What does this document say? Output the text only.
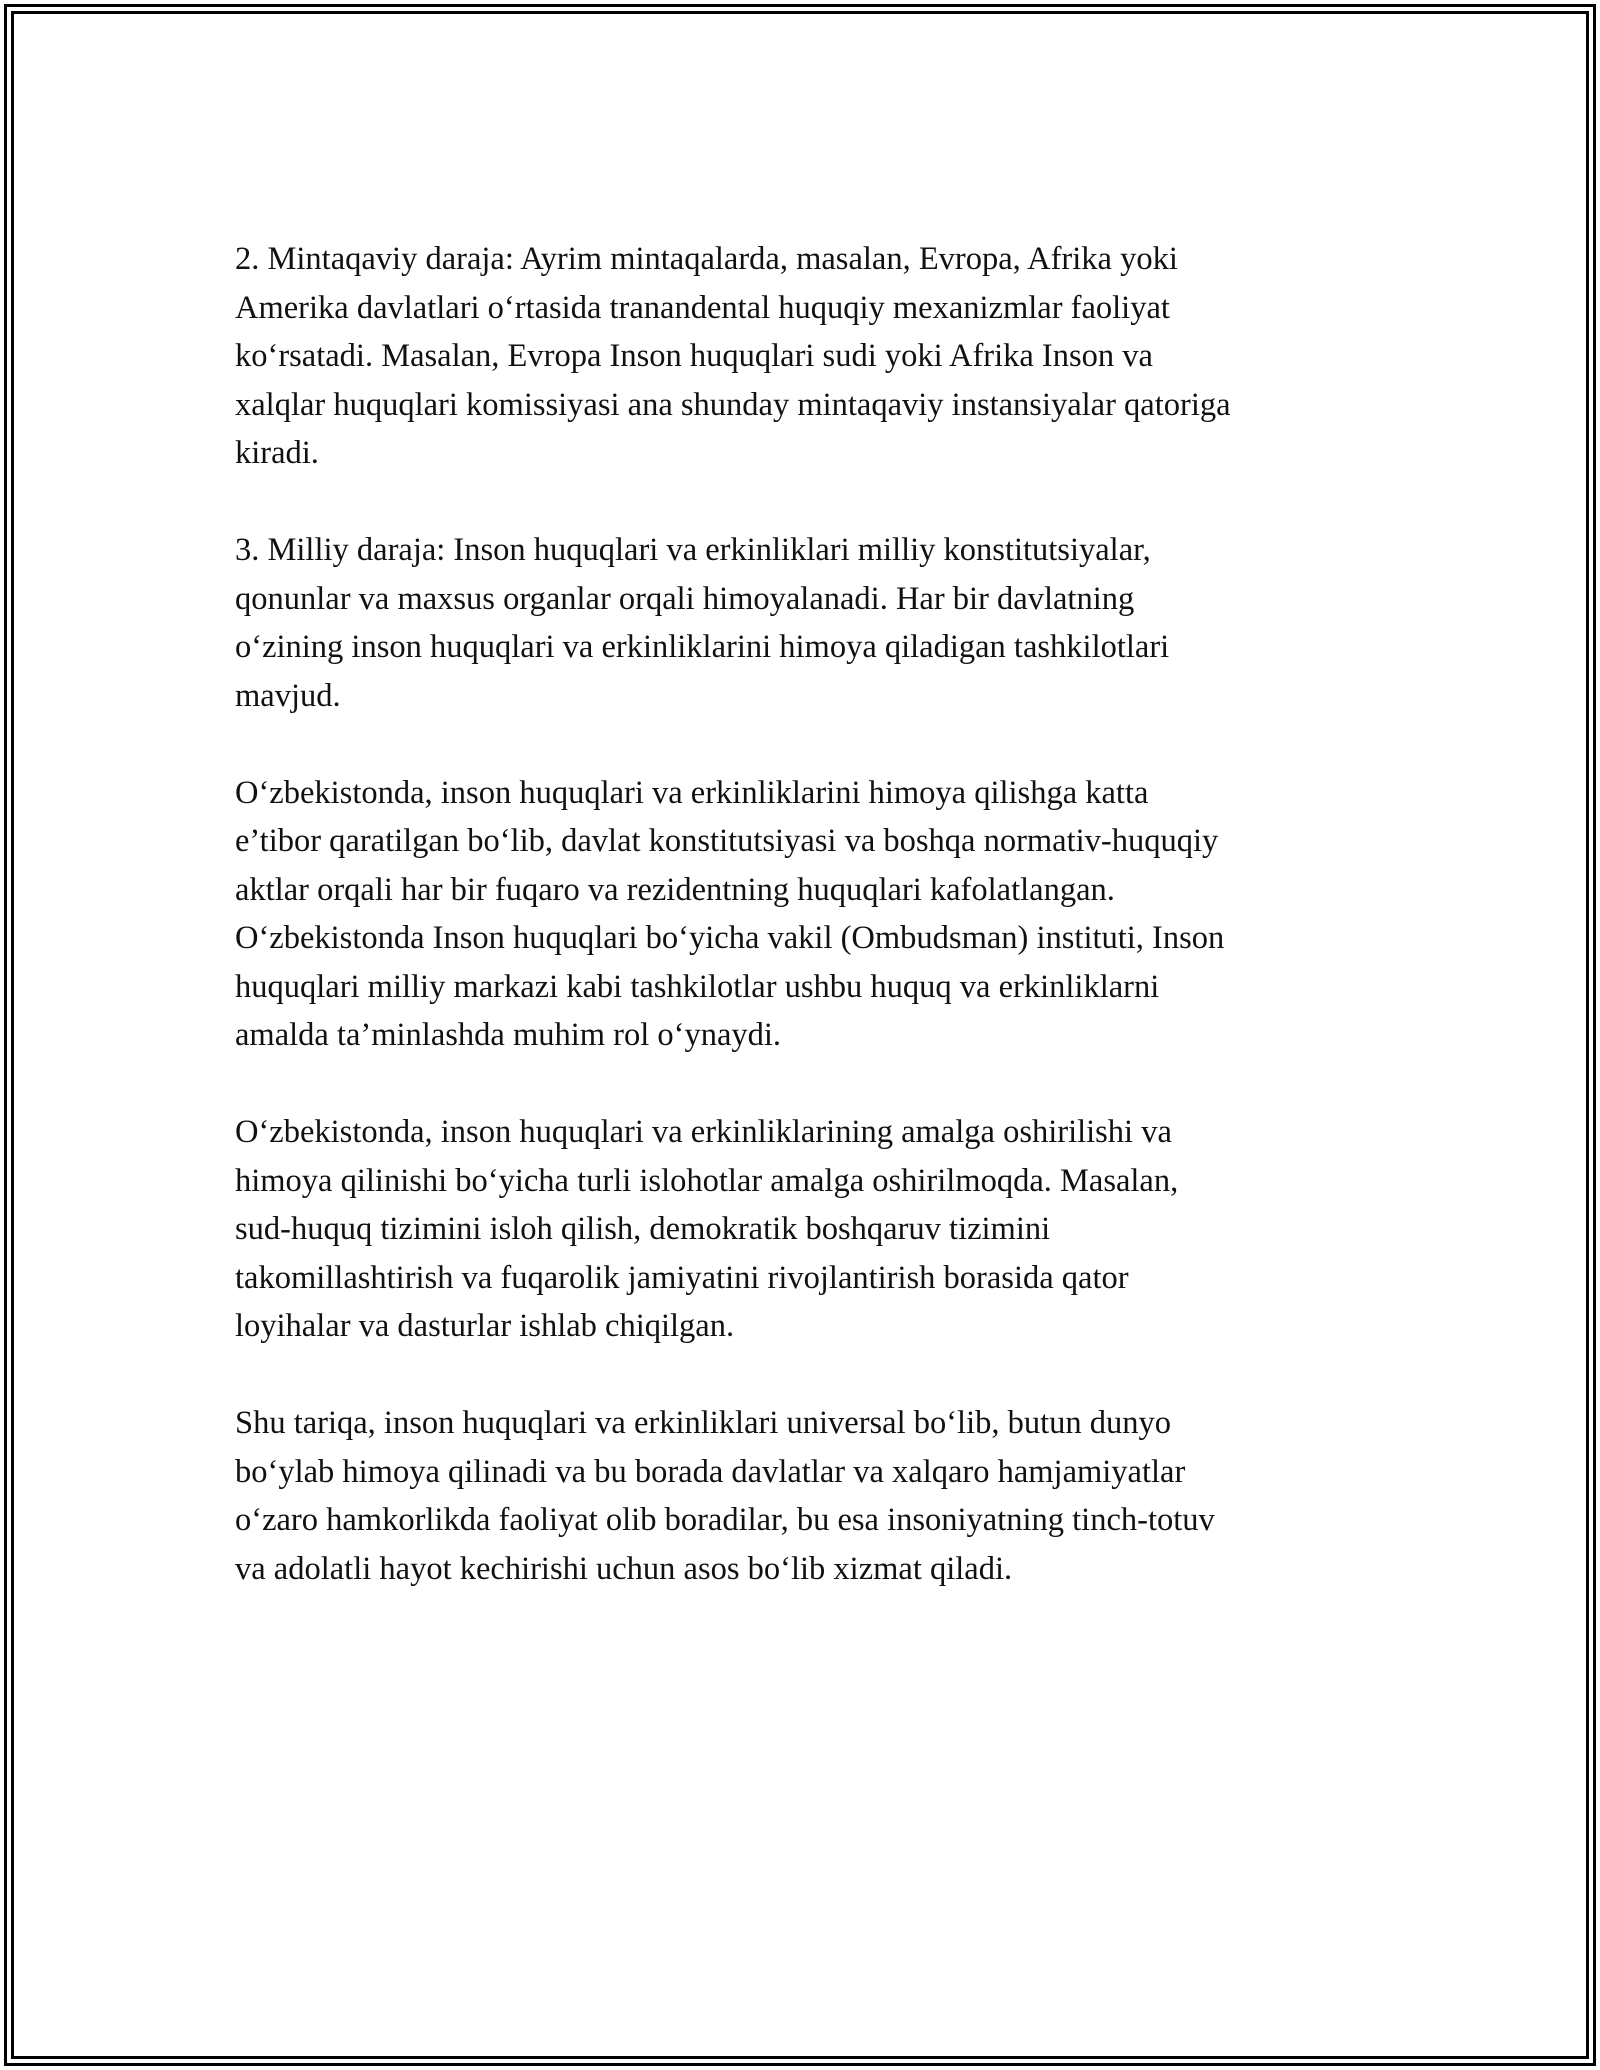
2. Mintaqaviy daraja: Ayrim mintaqalarda, masalan, Evropa, Afrika yoki
Amerika davlatlari oʻrtasida tranandental huquqiy mexanizmlar faoliyat
koʻrsatadi. Masalan, Evropa Inson huquqlari sudi yoki Afrika Inson va
xalqlar huquqlari komissiyasi ana shunday mintaqaviy instansiyalar qatoriga
kiradi.

3. Milliy daraja: Inson huquqlari va erkinliklari milliy konstitutsiyalar,
qonunlar va maxsus organlar orqali himoyalanadi. Har bir davlatning
oʻzining inson huquqlari va erkinliklarini himoya qiladigan tashkilotlari
mavjud.

Oʻzbekistonda, inson huquqlari va erkinliklarini himoya qilishga katta
e’tibor qaratilgan boʻlib, davlat konstitutsiyasi va boshqa normativ-huquqiy
aktlar orqali har bir fuqaro va rezidentning huquqlari kafolatlangan.
Oʻzbekistonda Inson huquqlari boʻyicha vakil (Ombudsman) instituti, Inson
huquqlari milliy markazi kabi tashkilotlar ushbu huquq va erkinliklarni
amalda ta’minlashda muhim rol oʻynaydi.

Oʻzbekistonda, inson huquqlari va erkinliklarining amalga oshirilishi va
himoya qilinishi boʻyicha turli islohotlar amalga oshirilmoqda. Masalan,
sud-huquq tizimini isloh qilish, demokratik boshqaruv tizimini
takomillashtirish va fuqarolik jamiyatini rivojlantirish borasida qator
loyihalar va dasturlar ishlab chiqilgan.

Shu tariqa, inson huquqlari va erkinliklari universal boʻlib, butun dunyo
boʻylab himoya qilinadi va bu borada davlatlar va xalqaro hamjamiyatlar
oʻzaro hamkorlikda faoliyat olib boradilar, bu esa insoniyatning tinch-totuv
va adolatli hayot kechirishi uchun asos boʻlib xizmat qiladi.
